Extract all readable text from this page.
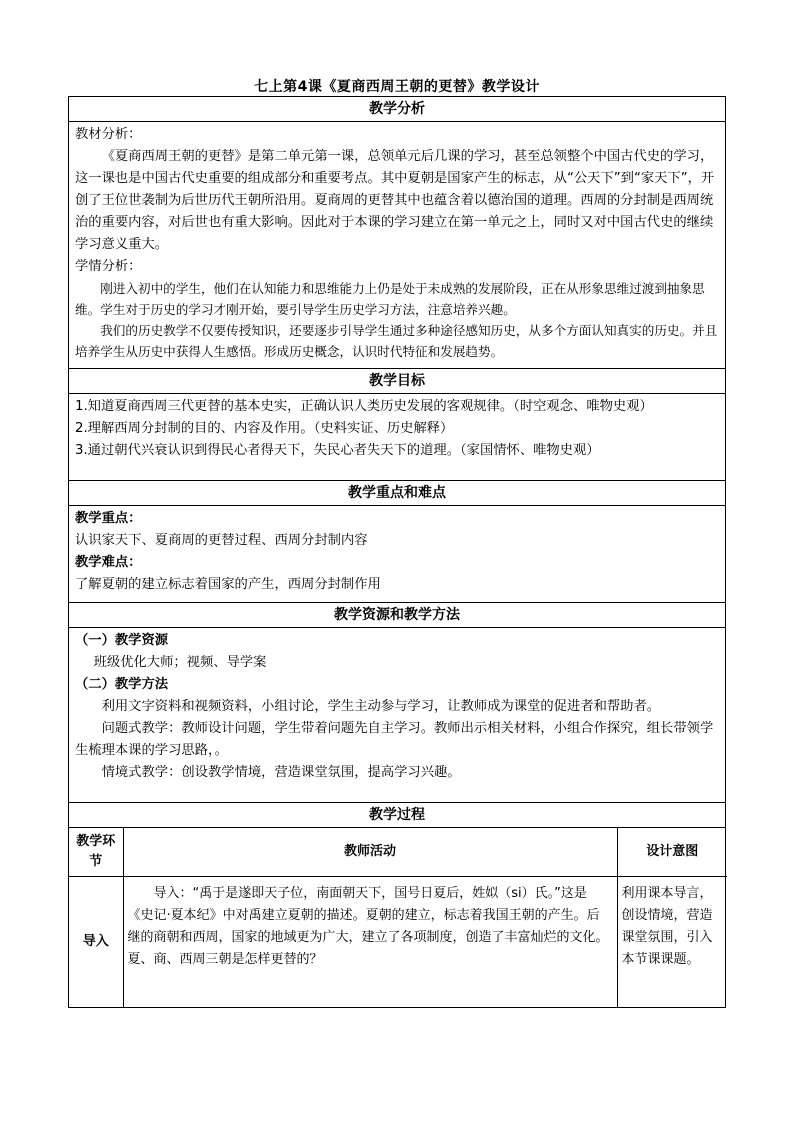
七上第4课《夏商西周王朝的更替》教学设计
教学分析

教材分析：

《夏商西周王朝的更替》是第二单元第一课，总领单元后几课的学习，甚至总领整个中国古代史的学习，这一课也是中国古代史重要的组成部分和重要考点。其中夏朝是国家产生的标志，从“公天下”到“家天下”，开创了王位世袭制为后世历代王朝所沿用。夏商周的更替其中也蕴含着以德治国的道理。西周的分封制是西周统治的重要内容，对后世也有重大影响。因此对于本课的学习建立在第一单元之上，同时又对中国古代史的继续学习意义重大。

学情分析：

刚进入初中的学生，他们在认知能力和思维能力上仍是处于未成熟的发展阶段，正在从形象思维过渡到抽象思维。学生对于历史的学习才刚开始，要引导学生历史学习方法，注意培养兴趣。

我们的历史教学不仅要传授知识，还要逐步引导学生通过多种途径感知历史，从多个方面认知真实的历史。并且培养学生从历史中获得人生感悟。形成历史概念，认识时代特征和发展趋势。

教学目标

1.知道夏商西周三代更替的基本史实，正确认识人类历史发展的客观规律。（时空观念、唯物史观）

2.理解西周分封制的目的、内容及作用。（史料实证、历史解释）

3.通过朝代兴衰认识到得民心者得天下，失民心者失天下的道理。（家国情怀、唯物史观）

教学重点和难点

教学重点：

认识家天下、夏商周的更替过程、西周分封制内容

教学难点：

了解夏朝的建立标志着国家的产生，西周分封制作用

教学资源和教学方法

（一）教学资源

班级优化大师；视频、导学案

（二）教学方法

利用文字资料和视频资料，小组讨论，学生主动参与学习，让教师成为课堂的促进者和帮助者。

问题式教学：教师设计问题，学生带着问题先自主学习。教师出示相关材料，小组合作探究，组长带领学生梳理本课的学习思路，。

情境式教学：创设教学情境，营造课堂氛围，提高学习兴趣。

教学过程
教学环节	教师活动	设计意图
导入	导入：“禹于是遂即天子位，南面朝天下，国号日夏后，姓姒（si）氏。”这是《史记·夏本纪》中对禹建立夏朝的描述。夏朝的建立，标志着我国王朝的产生。后继的商朝和西周，国家的地域更为广大，建立了各项制度，创造了丰富灿烂的文化。夏、商、西周三朝是怎样更替的？	利用课本导言，创设情境，营造课堂氛围，引入本节课课题。
